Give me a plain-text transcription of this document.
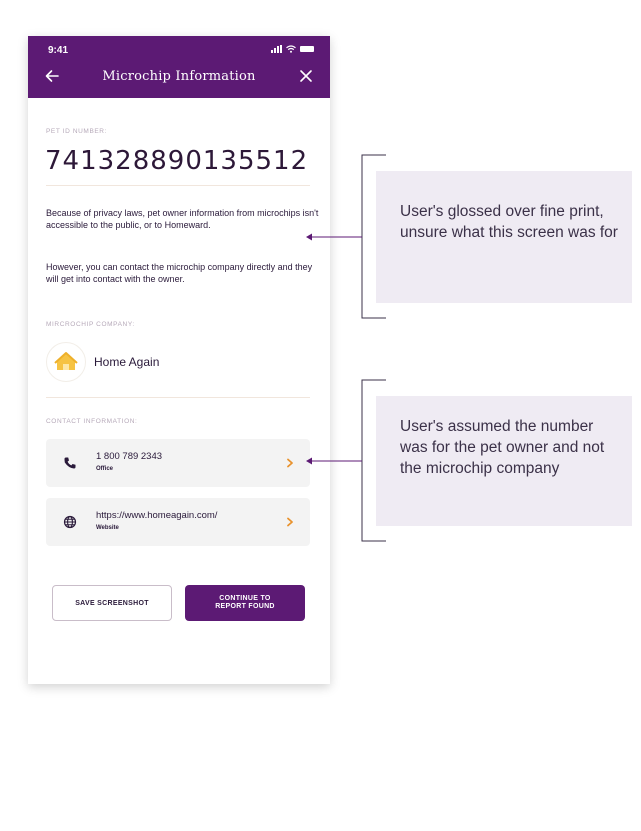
9:41
Microchip Information
PET ID NUMBER:
741328890135512
Because of privacy laws, pet owner information from microchips isn't accessible to the public, or to Homeward.
However, you can contact the microchip company directly and they will get into contact with the owner.
MIRCROCHIP COMPANY:
Home Again
CONTACT INFORMATION:
1 800 789 2343
Office
https://www.homeagain.com/
Website
SAVE SCREENSHOT
CONTINUE TO
REPORT FOUND
User's glossed over fine print, unsure what this screen was for
User's assumed the number was for the pet owner and not the microchip company
